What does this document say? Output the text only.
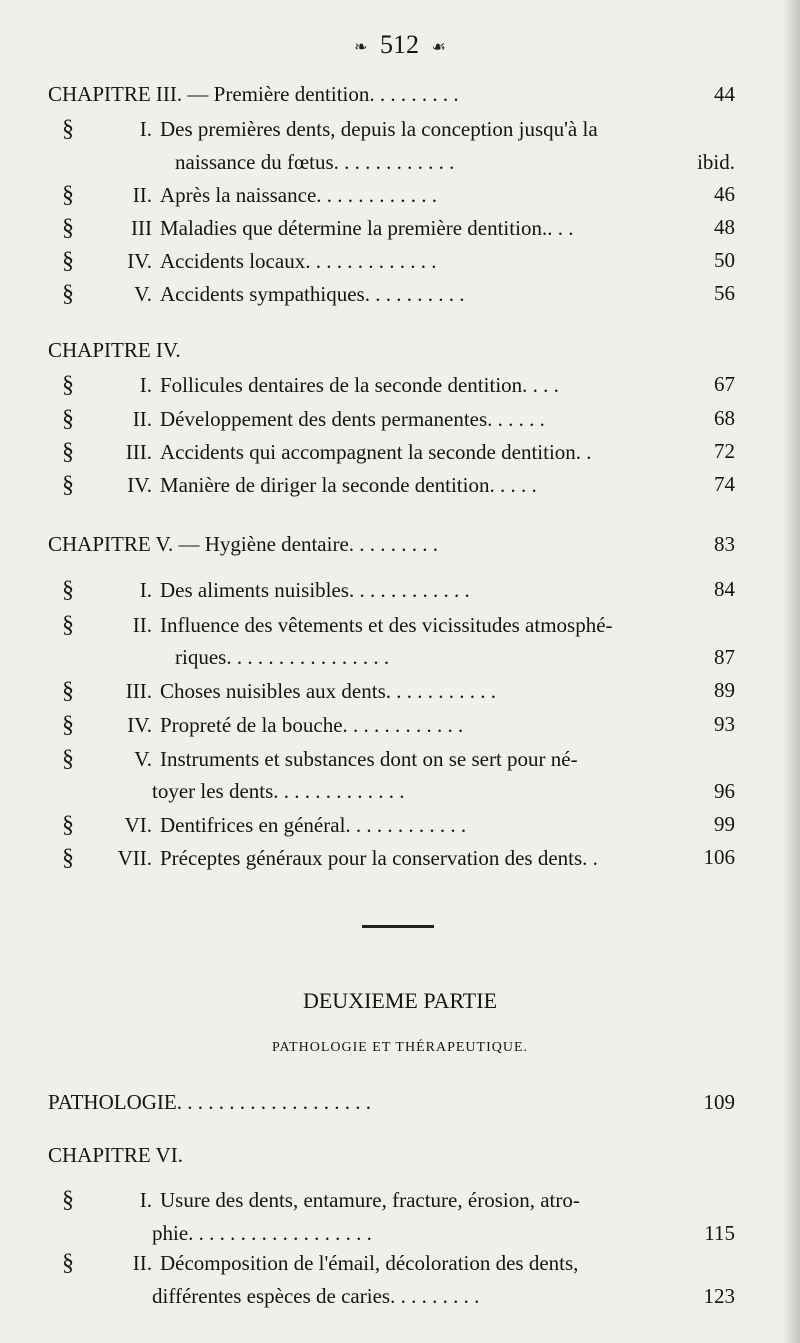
❧ 512 ☙
CHAPITRE III. — Première dentition. . . . . . . . .	44
§	I. Des premières dents, depuis la conception jusqu'à la
naissance du fœtus. . . . . . . . . . . .	ibid.
§	II. Après la naissance. . . . . . . . . . . .	46
§	III Maladies que détermine la première dentition.. . .	48
§	IV. Accidents locaux. . . . . . . . . . . . .	50
§	V. Accidents sympathiques. . . . . . . . . .	56
CHAPITRE IV.
§	I. Follicules dentaires de la seconde dentition. . . .	67
§	II. Développement des dents permanentes. . . . . .	68
§ III. Accidents qui accompagnent la seconde dentition. .	72
§	IV. Manière de diriger la seconde dentition. . . . .	74
CHAPITRE V. — Hygiène dentaire. . . . . . . . .	83
§	I. Des aliments nuisibles. . . . . . . . . . . .	84
§	II. Influence des vêtements et des vicissitudes atmosphé-
riques. . . . . . . . . . . . . . . .	87
§ III. Choses nuisibles aux dents. . . . . . . . . . .	89
§	IV. Propreté de la bouche. . . . . . . . . . . .	93
§	V. Instruments et substances dont on se sert pour né-
toyer les dents. . . . . . . . . . . . .	96
§ VI. Dentifrices en général. . . . . . . . . . . .	99
§ VII. Préceptes généraux pour la conservation des dents. .	106
DEUXIEME PARTIE
PATHOLOGIE ET THÉRAPEUTIQUE.
PATHOLOGIE. . . . . . . . . . . . . . . . . . .	109
CHAPITRE VI.
§	I. Usure des dents, entamure, fracture, érosion, atro-
phie. . . . . . . . . . . . . . . . . .	115
§	II. Décomposition de l'émail, décoloration des dents,
différentes espèces de caries. . . . . . . . .	123
